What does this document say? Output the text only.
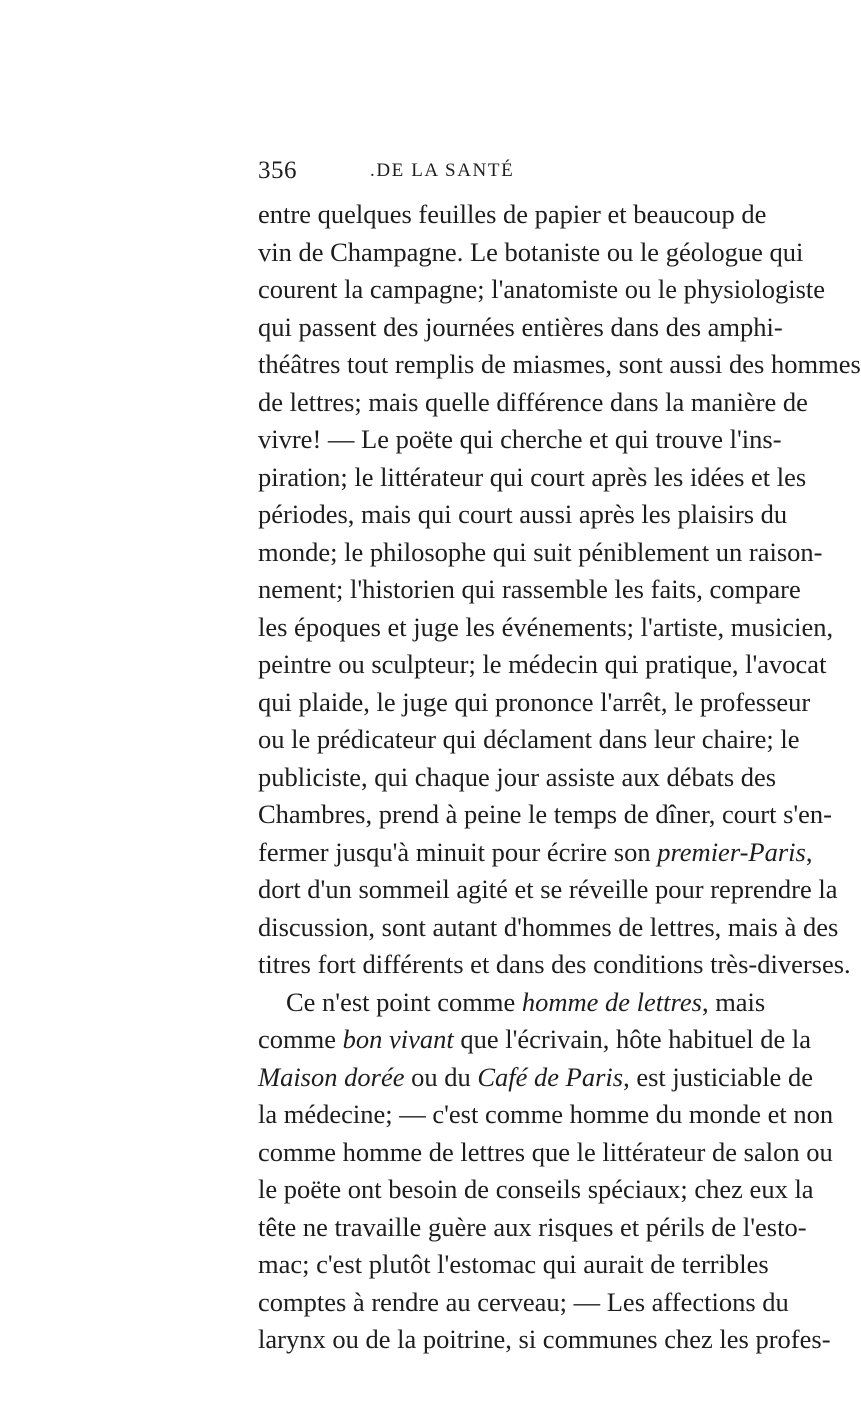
356	.DE LA SANTÉ
entre quelques feuilles de papier et beaucoup de
vin de Champagne. Le botaniste ou le géologue qui
courent la campagne; l'anatomiste ou le physiologiste
qui passent des journées entières dans des amphi-
théâtres tout remplis de miasmes, sont aussi des hommes
de lettres; mais quelle différence dans la manière de
vivre! — Le poëte qui cherche et qui trouve l'ins-
piration; le littérateur qui court après les idées et les
périodes, mais qui court aussi après les plaisirs du
monde; le philosophe qui suit péniblement un raison-
nement; l'historien qui rassemble les faits, compare
les époques et juge les événements; l'artiste, musicien,
peintre ou sculpteur; le médecin qui pratique, l'avocat
qui plaide, le juge qui prononce l'arrêt, le professeur
ou le prédicateur qui déclament dans leur chaire; le
publiciste, qui chaque jour assiste aux débats des
Chambres, prend à peine le temps de dîner, court s'en-
fermer jusqu'à minuit pour écrire son premier-Paris,
dort d'un sommeil agité et se réveille pour reprendre la
discussion, sont autant d'hommes de lettres, mais à des
titres fort différents et dans des conditions très-diverses.
Ce n'est point comme homme de lettres, mais
comme bon vivant que l'écrivain, hôte habituel de la
Maison dorée ou du Café de Paris, est justiciable de
la médecine; — c'est comme homme du monde et non
comme homme de lettres que le littérateur de salon ou
le poëte ont besoin de conseils spéciaux; chez eux la
tête ne travaille guère aux risques et périls de l'esto-
mac; c'est plutôt l'estomac qui aurait de terribles
comptes à rendre au cerveau; — Les affections du
larynx ou de la poitrine, si communes chez les profes-
